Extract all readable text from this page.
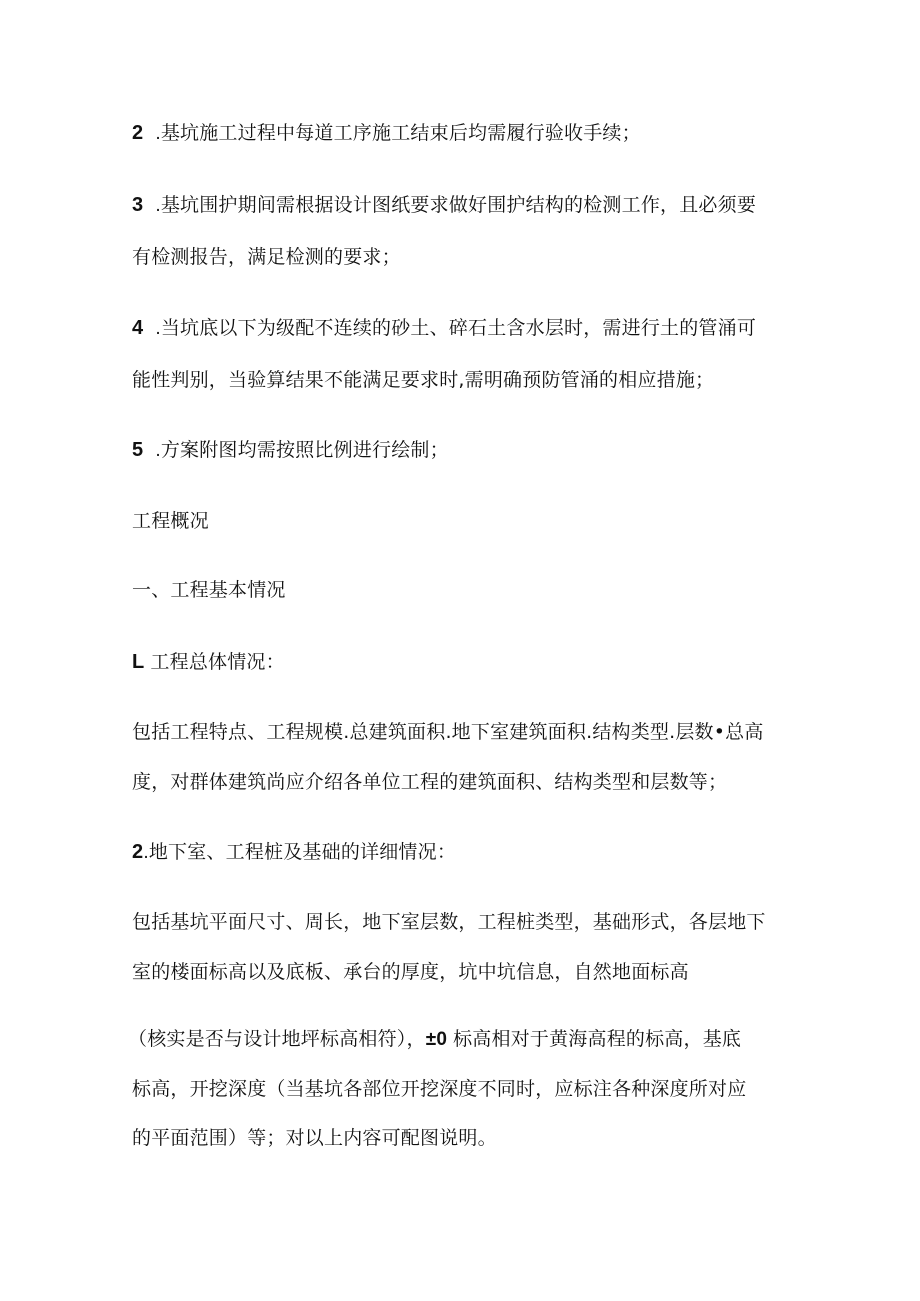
2 .基坑施工过程中每道工序施工结束后均需履行验收手续；
3 .基坑围护期间需根据设计图纸要求做好围护结构的检测工作，且必须要
有检测报告，满足检测的要求；
4 .当坑底以下为级配不连续的砂土、碎石土含水层时，需进行土的管涌可
能性判别，当验算结果不能满足要求时,需明确预防管涌的相应措施；
5 .方案附图均需按照比例进行绘制；
工程概况
一、工程基本情况
L 工程总体情况：
包括工程特点、工程规模.总建筑面积.地下室建筑面积.结构类型.层数•总高
度，对群体建筑尚应介绍各单位工程的建筑面积、结构类型和层数等；
2.地下室、工程桩及基础的详细情况：
包括基坑平面尺寸、周长，地下室层数，工程桩类型，基础形式，各层地下
室的楼面标高以及底板、承台的厚度，坑中坑信息，自然地面标高
（核实是否与设计地坪标高相符），±0 标高相对于黄海高程的标高，基底
标高，开挖深度（当基坑各部位开挖深度不同时，应标注各种深度所对应
的平面范围）等；对以上内容可配图说明。
